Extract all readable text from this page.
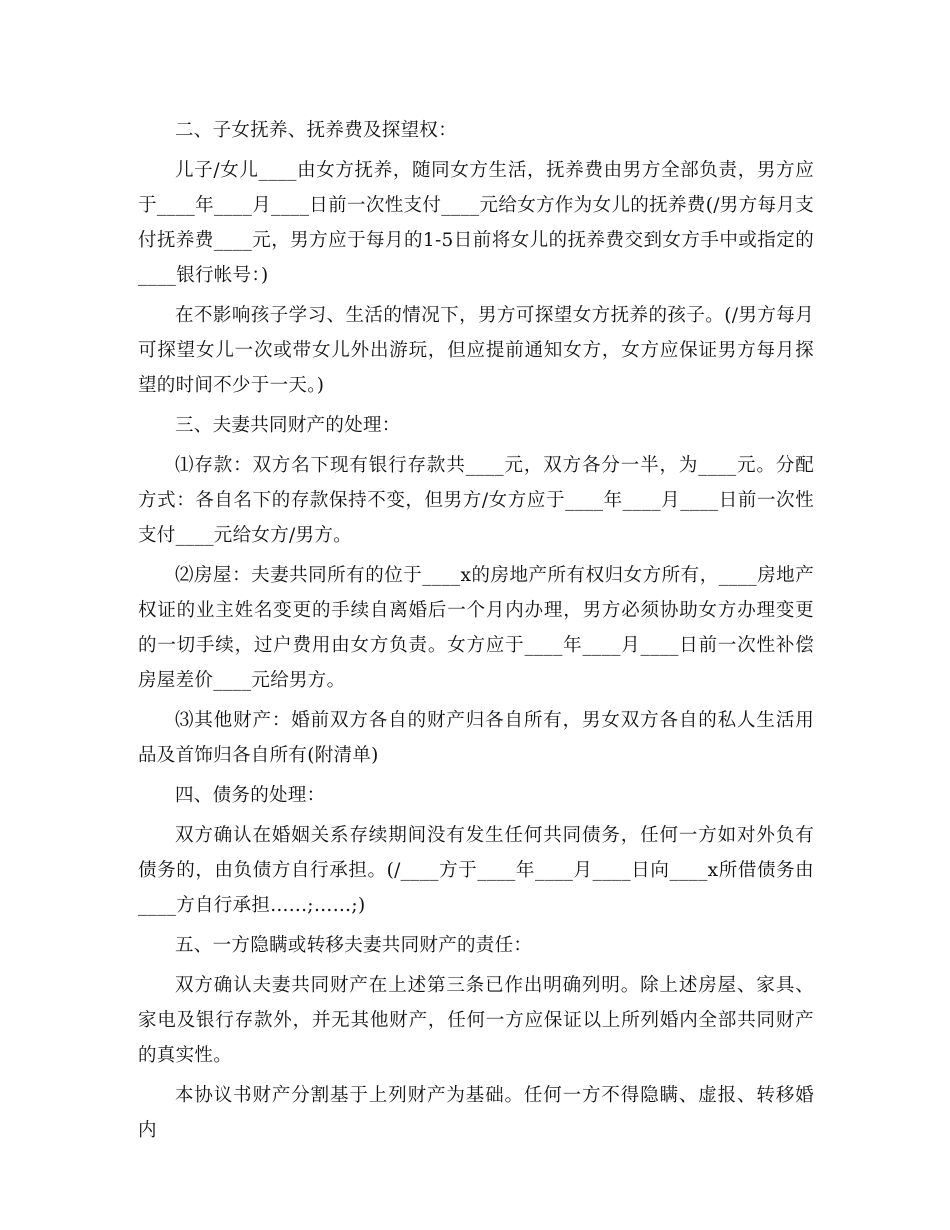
二、子女抚养、抚养费及探望权：

儿子/女儿____由女方抚养，随同女方生活，抚养费由男方全部负责，男方应于____年____月____日前一次性支付____元给女方作为女儿的抚养费(/男方每月支付抚养费____元，男方应于每月的1-5日前将女儿的抚养费交到女方手中或指定的____银行帐号：)

在不影响孩子学习、生活的情况下，男方可探望女方抚养的孩子。(/男方每月可探望女儿一次或带女儿外出游玩，但应提前通知女方，女方应保证男方每月探望的时间不少于一天。)

三、夫妻共同财产的处理：

⑴存款：双方名下现有银行存款共____元，双方各分一半，为____元。分配方式：各自名下的存款保持不变，但男方/女方应于____年____月____日前一次性支付____元给女方/男方。

⑵房屋：夫妻共同所有的位于____x的房地产所有权归女方所有，____房地产权证的业主姓名变更的手续自离婚后一个月内办理，男方必须协助女方办理变更的一切手续，过户费用由女方负责。女方应于____年____月____日前一次性补偿房屋差价____元给男方。

⑶其他财产：婚前双方各自的财产归各自所有，男女双方各自的私人生活用品及首饰归各自所有(附清单)

四、债务的处理：

双方确认在婚姻关系存续期间没有发生任何共同债务，任何一方如对外负有债务的，由负债方自行承担。(/____方于____年____月____日向____x所借债务由____方自行承担......;……;)

五、一方隐瞒或转移夫妻共同财产的责任：

双方确认夫妻共同财产在上述第三条已作出明确列明。除上述房屋、家具、家电及银行存款外，并无其他财产，任何一方应保证以上所列婚内全部共同财产的真实性。

本协议书财产分割基于上列财产为基础。任何一方不得隐瞒、虚报、转移婚内
